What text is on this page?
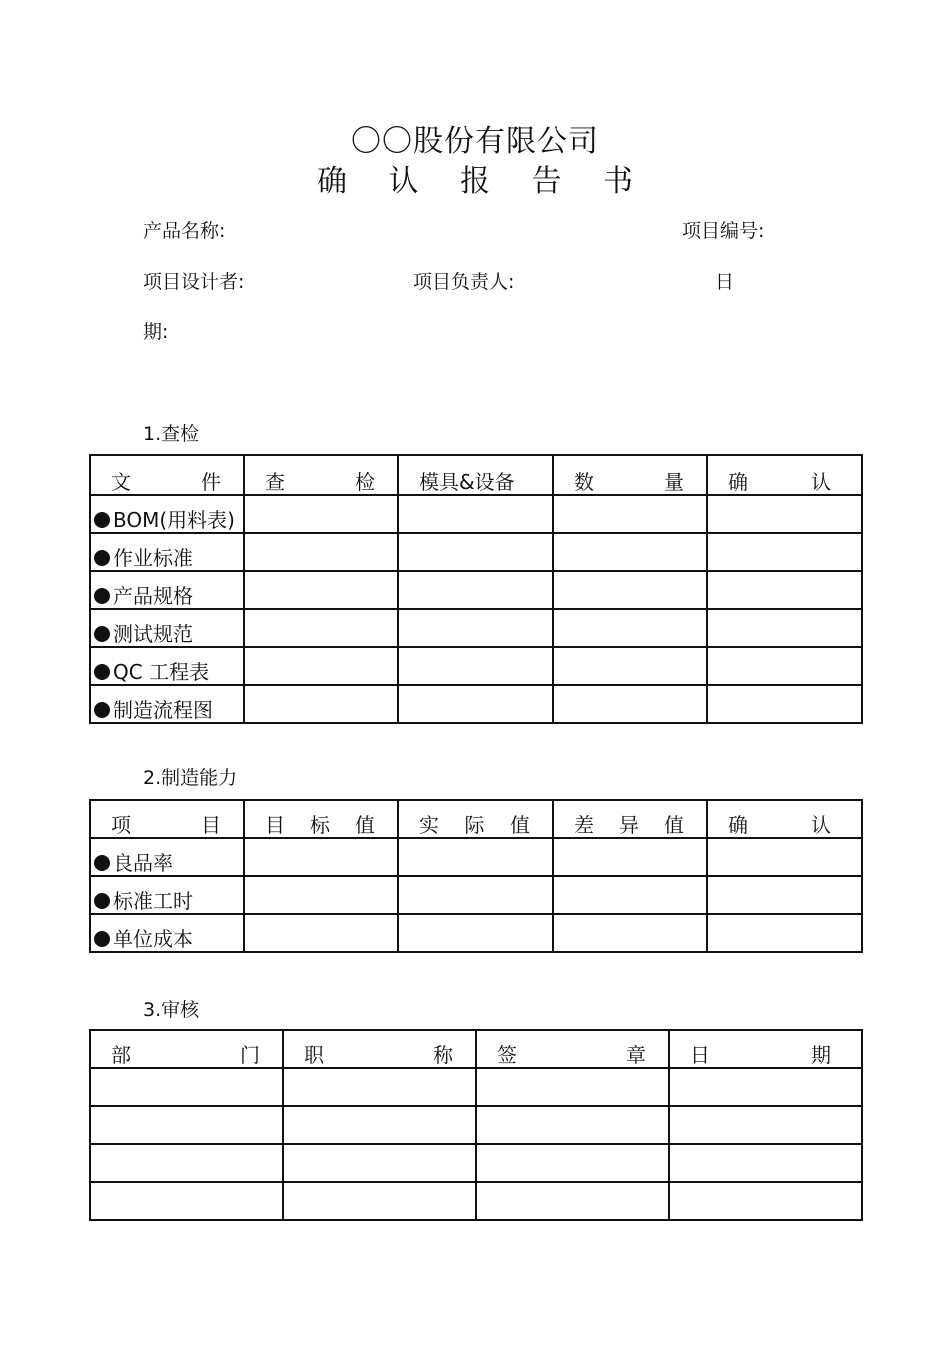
〇〇股份有限公司
确 认 报 告 书
产品名称:	项目编号:
项目设计者:	项目负责人:	日
期:
1.查检
文 件	查 检	模具&设备	数 量	确 认

BOM(用料表)				

作业标准				

产品规格				

测试规范				

QC 工程表				

制造流程图				

2.制造能力
项 目	目 标 值	实 际 值	差 异 值	确 认

良品率				

标准工时				

单位成本				

3.审核
部 门	职 称	签 章	日 期
